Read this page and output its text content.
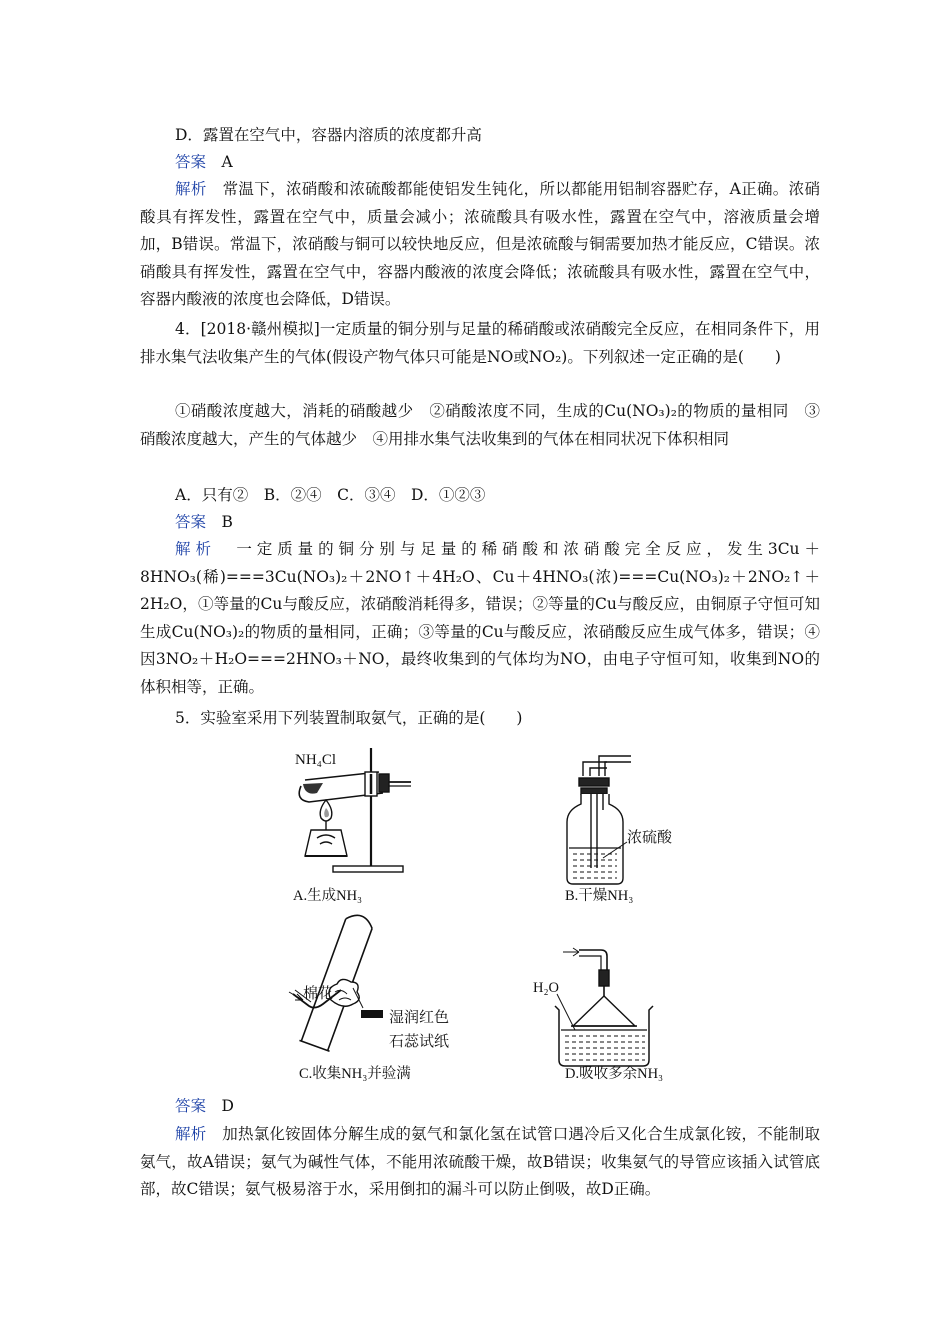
D．露置在空气中，容器内溶质的浓度都升高
答案　 A
解析　 常温下，浓硝酸和浓硫酸都能使铝发生钝化，所以都能用铝制容器贮存，A正确。浓硝酸具有挥发性，露置在空气中，质量会减小；浓硫酸具有吸水性，露置在空气中，溶液质量会增加，B错误。常温下，浓硝酸与铜可以较快地反应，但是浓硫酸与铜需要加热才能反应，C错误。浓硝酸具有挥发性，露置在空气中，容器内酸液的浓度会降低；浓硫酸具有吸水性，露置在空气中，容器内酸液的浓度也会降低，D错误。
4．[2018·赣州模拟]一定质量的铜分别与足量的稀硝酸或浓硝酸完全反应，在相同条件下，用排水集气法收集产生的气体(假设产物气体只可能是NO或NO₂)。下列叙述一定正确的是(　　)
①硝酸浓度越大，消耗的硝酸越少　②硝酸浓度不同，生成的Cu(NO₃)₂的物质的量相同　③硝酸浓度越大，产生的气体越少　④用排水集气法收集到的气体在相同状况下体积相同
A．只有②　B．②④　C．③④　D．①②③
答案　 B
解析　 一定质量的铜分别与足量的稀硝酸和浓硝酸完全反应，发生3Cu＋8HNO₃(稀)===3Cu(NO₃)₂＋2NO↑＋4H₂O、Cu＋4HNO₃(浓)===Cu(NO₃)₂＋2NO₂↑＋2H₂O，①等量的Cu与酸反应，浓硝酸消耗得多，错误；②等量的Cu与酸反应，由铜原子守恒可知生成Cu(NO₃)₂的物质的量相同，正确；③等量的Cu与酸反应，浓硝酸反应生成气体多，错误；④因3NO₂＋H₂O===2HNO₃＋NO，最终收集到的气体均为NO，由电子守恒可知，收集到NO的体积相等，正确。
5．实验室采用下列装置制取氨气，正确的是(　　)
NH₄Cl
A.生成NH₃
浓硫酸
B.干燥NH₃
棉花
湿润红色
石蕊试纸
C.收集NH₃并验满
H₂O
D.吸收多余NH₃
答案　 D
解析　 加热氯化铵固体分解生成的氨气和氯化氢在试管口遇冷后又化合生成氯化铵，不能制取氨气，故A错误；氨气为碱性气体，不能用浓硫酸干燥，故B错误；收集氨气的导管应该插入试管底部，故C错误；氨气极易溶于水，采用倒扣的漏斗可以防止倒吸，故D正确。
